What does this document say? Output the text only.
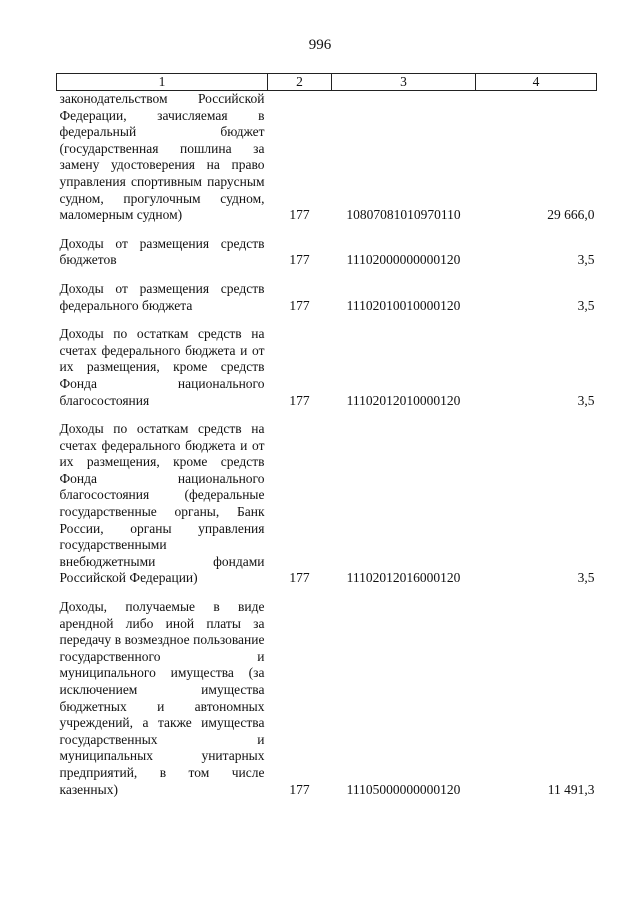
996
1	2	3	4
законодательством Российской Федерации, зачисляемая в федеральный бюджет (государственная пошлина за замену удостоверения на право управления спортивным парусным судном, прогулочным судном, маломерным судном)	177	10807081010970110	29 666,0
Доходы от размещения средств бюджетов	177	11102000000000120	3,5
Доходы от размещения средств федерального бюджета	177	11102010010000120	3,5
Доходы по остаткам средств на счетах федерального бюджета и от их размещения, кроме средств Фонда национального благосостояния	177	11102012010000120	3,5
Доходы по остаткам средств на счетах федерального бюджета и от их размещения, кроме средств Фонда национального благосостояния (федеральные государственные органы, Банк России, органы управления государственными внебюджетными фондами Российской Федерации)	177	11102012016000120	3,5
Доходы, получаемые в виде арендной либо иной платы за передачу в возмездное пользование государственного и муниципального имущества (за исключением имущества бюджетных и автономных учреждений, а также имущества государственных и муниципальных унитарных предприятий, в том числе казенных)	177	11105000000000120	11 491,3
